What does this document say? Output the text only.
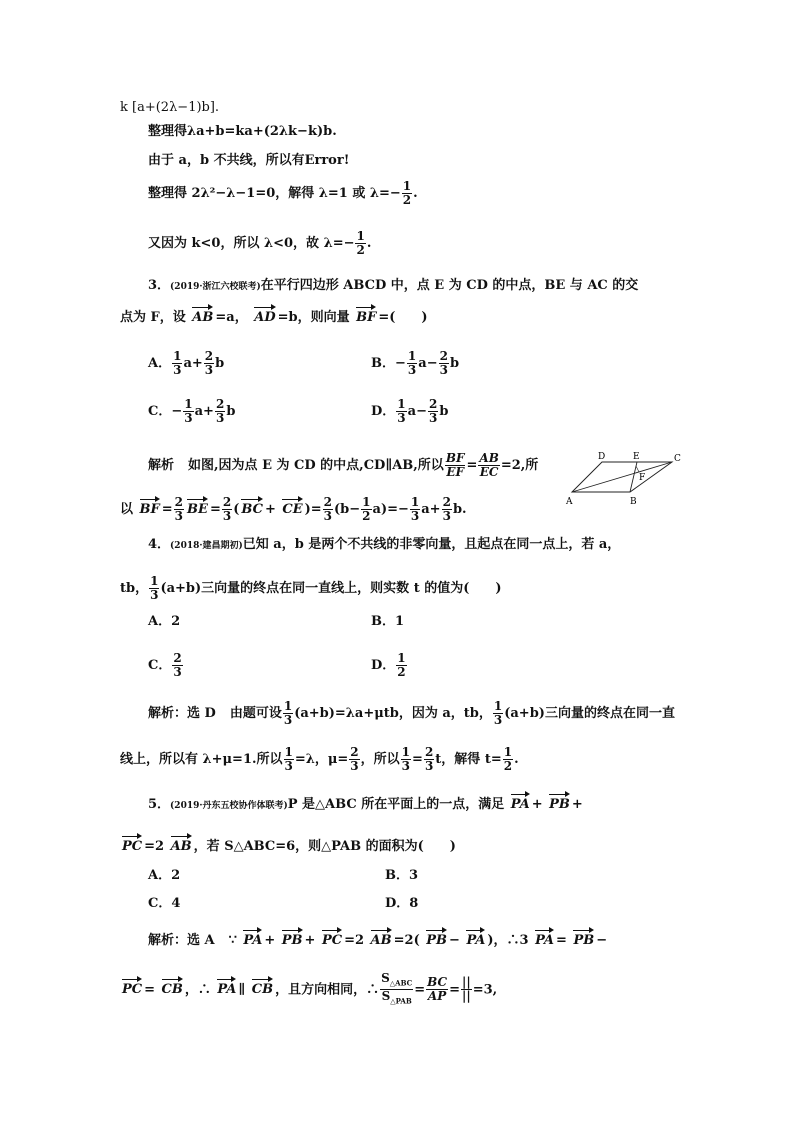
k [a+(2λ−1)b].
整理得λa+b=ka+(2λk−k)b.
由于 a，b 不共线，所以有Error!
整理得 2λ²−λ−1=0，解得 λ=1 或 $\lambda=- \frac{1}{2}$ .
又因为 k<0，所以 λ<0，故 $\lambda=- \frac{1}{2}$ .
3．(2019·浙江六校联考)在平行四边形 ABCD 中，点 E 为 CD 的中点，BE 与 AC 的交
点为 F，设 AB =a， AD =b，则向量 BF =(　　)
A． $\frac{1}{3} a+ \frac{2}{3}$ b	B．− $\frac{1}{3} a- \frac{2}{3}$ b
C．− $\frac{1}{3} a+ \frac{2}{3}$ b	D． $\frac{1}{3} a- \frac{2}{3}$ b
解析 如图,因为点 E 为 CD 的中点,CD∥AB,所以 $\frac{BF}{EF} = \frac{AB}{EC} =2$,所
以 BF = $\frac{2}{3}$ BE = $\frac{2}{3}$ ( BC + CE )= $\frac{2}{3} (b- \frac{1}{2} a)=- \frac{1}{3} a+ \frac{2}{3} b$.
D	E	C
F
A	B
4．(2018·建昌期初)已知 a，b 是两个不共线的非零向量，且起点在同一点上，若 a，
tb， $\frac{1}{3} (a+b)$三向量的终点在同一直线上，则实数 t 的值为(　　)
A．2	B．1
C． $\frac{2}{3}$	D． $\frac{1}{2}$
解析：选 D 由题可设 $\frac{1}{3} (a+b)=\lambda a+\mu tb$，因为 a，tb， $\frac{1}{3} (a+b)$三向量的终点在同一直
线上，所以有 λ+μ=1.所以 $\frac{1}{3} =\lambda$，$\mu= \frac{2}{3}$ ，所以 $\frac{1}{3} = \frac{2}{3}$ t，解得 $t= \frac{1}{2}$ .
5．(2019·丹东五校协作体联考)P 是△ABC 所在平面上的一点，满足 PA + PB +
PC =2 AB ，若 S△ABC=6，则△PAB 的面积为(　　)
A．2	B．3
C．4	D．8
解析：选 A ∵ PA + PB + PC =2 AB =2( PB − PA )，∴3 PA = PB −
PC = CB ，∴ PA ∥ CB ，且方向相同，∴ $\frac{S_{\triangle ABC}}{S_{\triangle PAB}} = \frac{BC}{AP} = \frac{||}{||} =3$,
